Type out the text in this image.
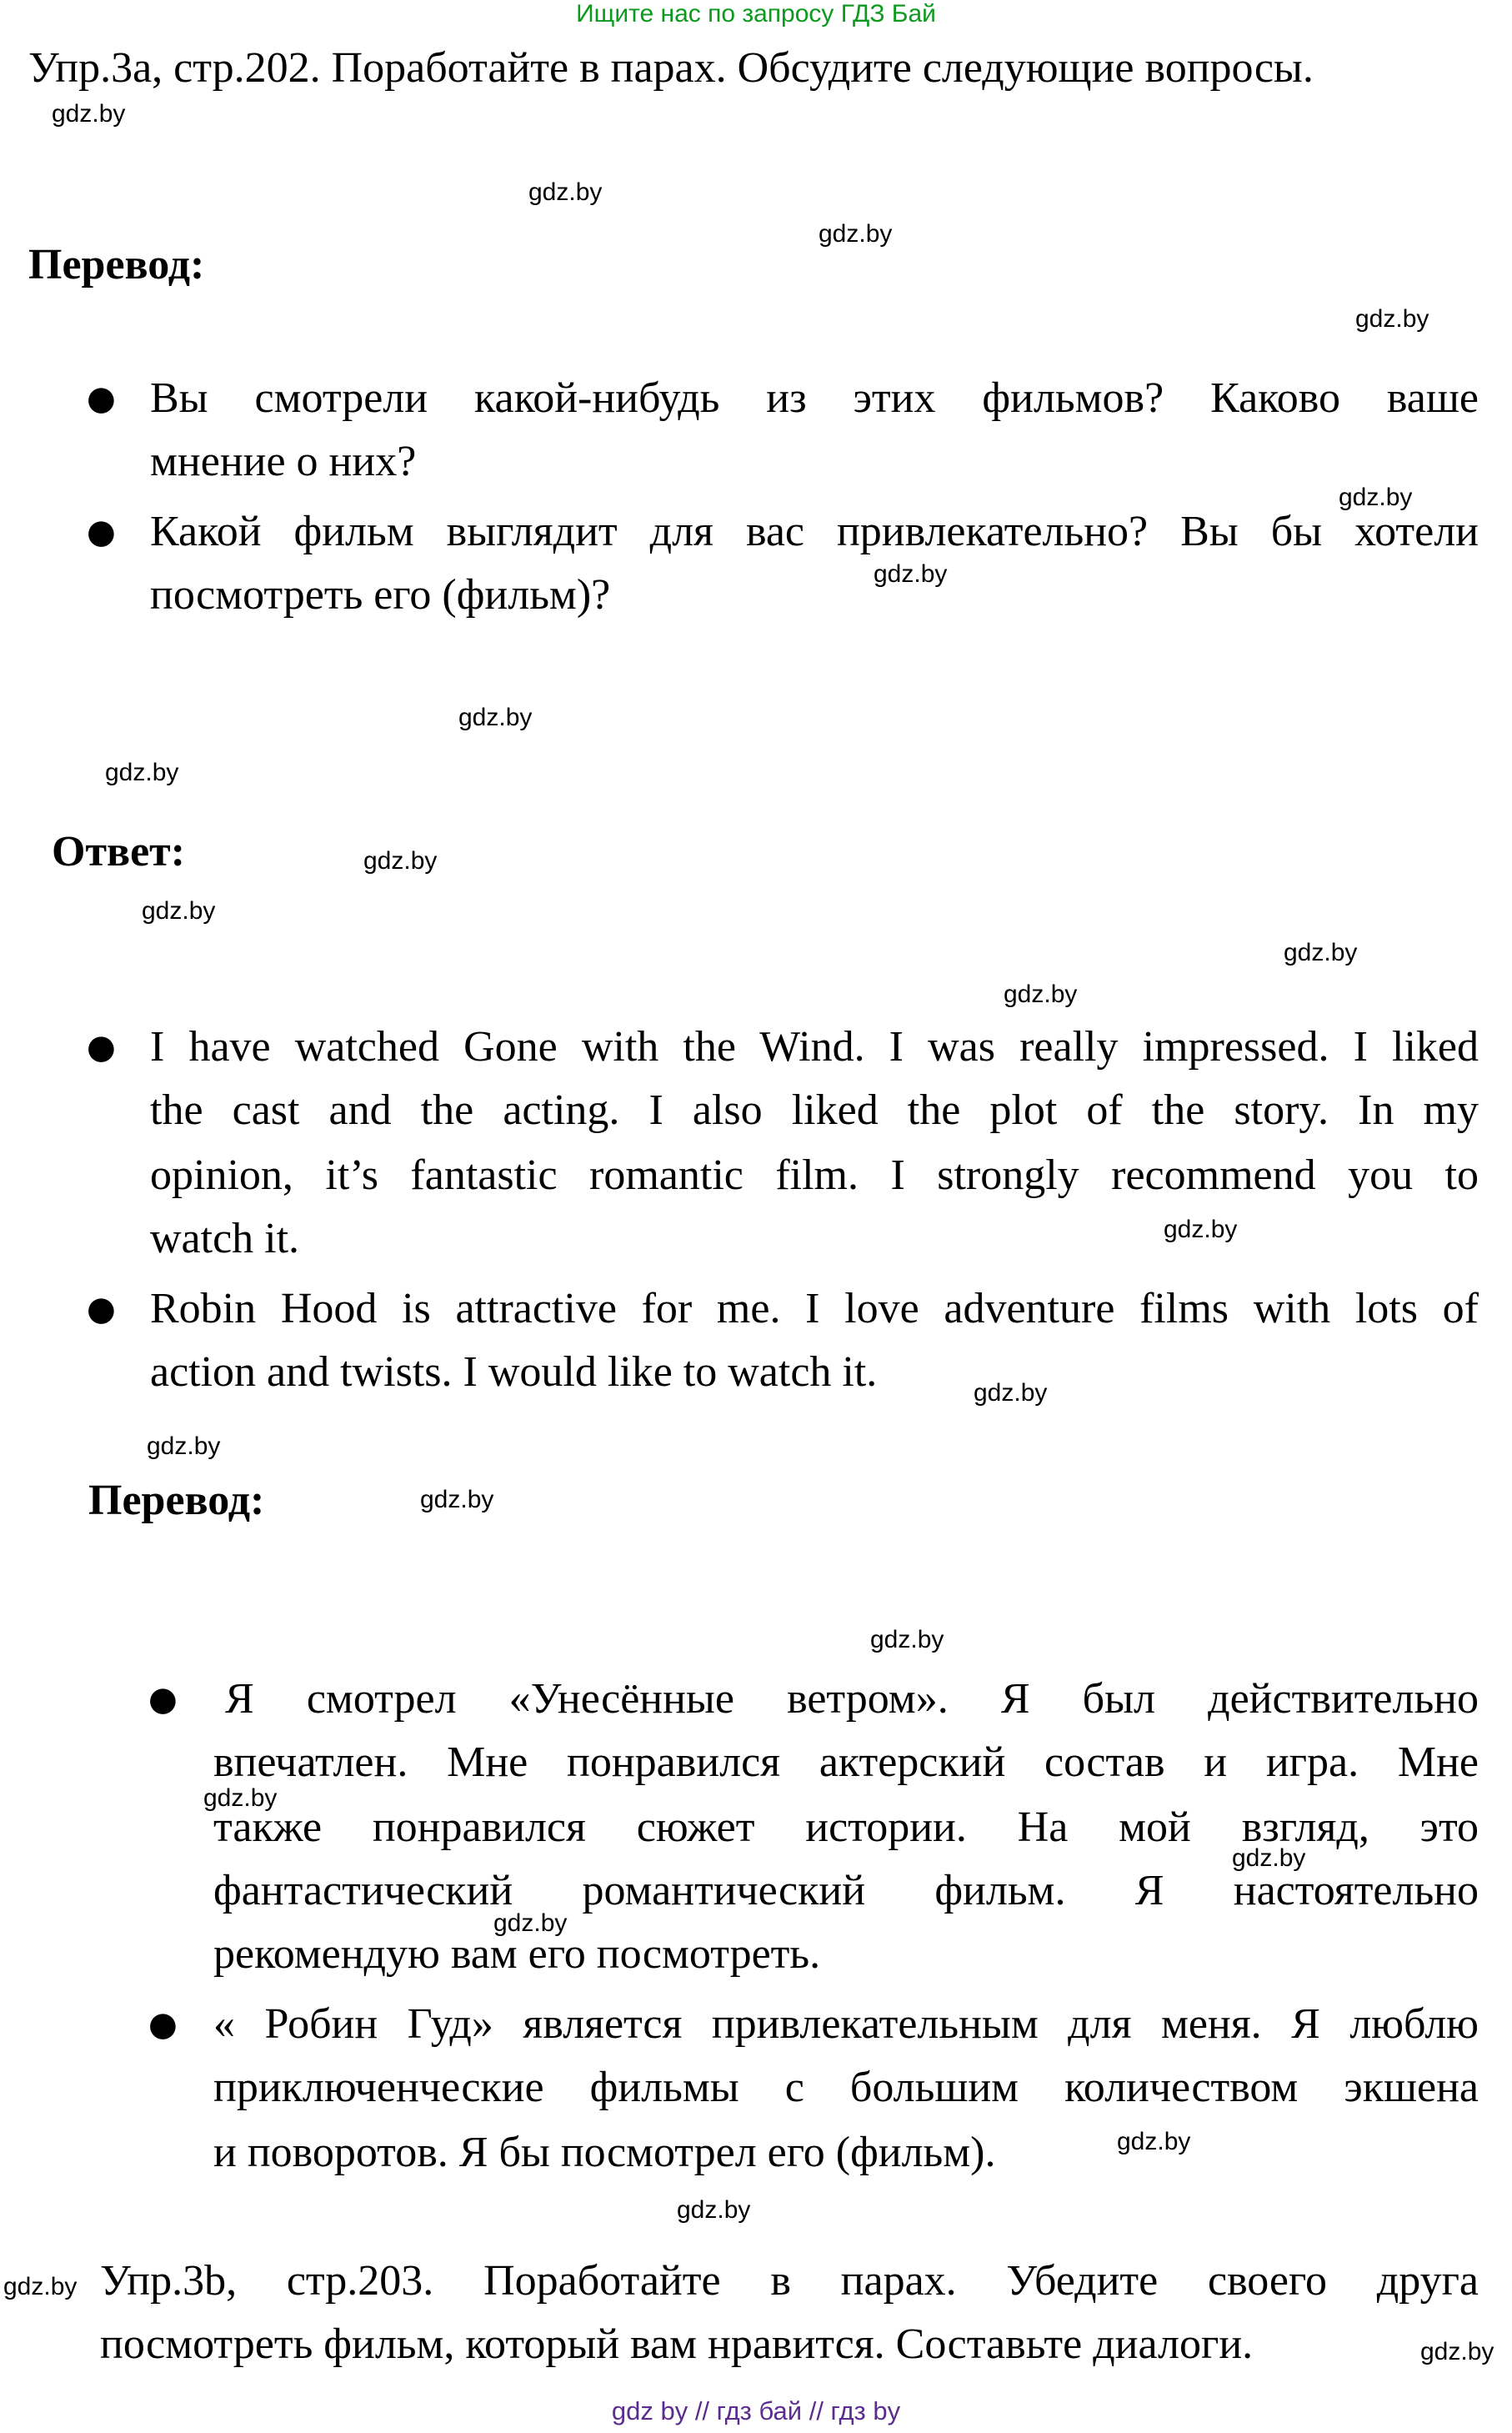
Ищите нас по запросу ГДЗ Бай
Упр.3а, стр.202. Поработайте в парах. Обсудите следующие вопросы.
Перевод:
● Вы смотрели какой-нибудь из этих фильмов? Каково ваше
мнение о них?
● Какой фильм выглядит для вас привлекательно? Вы бы хотели
посмотреть его (фильм)?
Ответ:
● I have watched Gone with the Wind. I was really impressed. I liked
the cast and the acting. I also liked the plot of the story. In my
opinion, it’s fantastic romantic film. I strongly recommend you to
watch it.
● Robin Hood is attractive for me. I love adventure films with lots of
action and twists. I would like to watch it.
Перевод:
● Я смотрел «Унесённые ветром». Я был действительно
впечатлен. Мне понравился актерский состав и игра. Мне
также понравился сюжет истории. На мой взгляд, это
фантастический романтический фильм. Я настоятельно
рекомендую вам его посмотреть.
● « Робин Гуд» является привлекательным для меня. Я люблю
приключенческие фильмы с большим количеством экшена
и поворотов. Я бы посмотрел его (фильм).
Упр.3b, стр.203. Поработайте в парах. Убедите своего друга
посмотреть фильм, который вам нравится. Составьте диалоги.
gdz.by
gdz.by
gdz.by
gdz.by
gdz.by
gdz.by
gdz.by
gdz.by
gdz.by
gdz.by
gdz.by
gdz.by
gdz.by
gdz.by
gdz.by
gdz.by
gdz.by
gdz.by
gdz.by
gdz.by
gdz.by
gdz.by
gdz.by
gdz.by
gdz by // гдз бай // гдз by
